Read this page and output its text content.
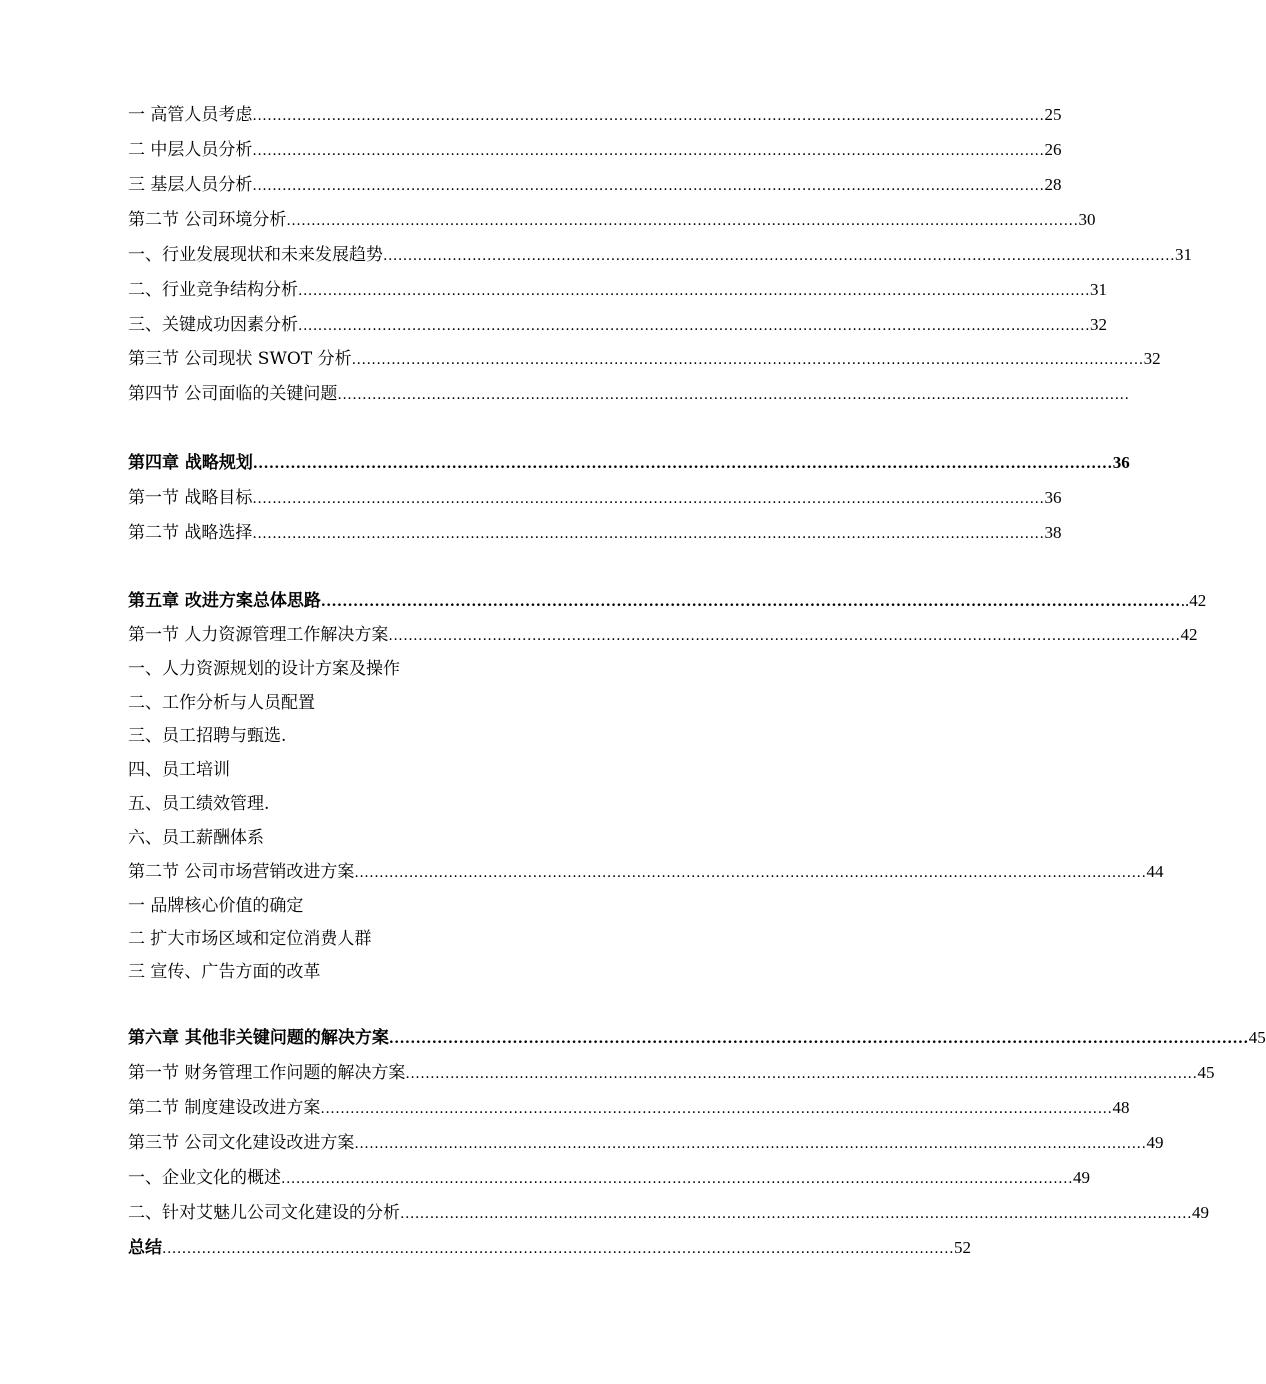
一 高管人员考虑 ................................................................................................................................................................ 25
二 中层人员分析 ................................................................................................................................................................ 26
三 基层人员分析 ................................................................................................................................................................ 28
第二节 公司环境分析 ................................................................................................................................................................ 30
一、行业发展现状和未来发展趋势 ................................................................................................................................................................ 31
二、行业竞争结构分析 ................................................................................................................................................................ 31
三、关键成功因素分析 ................................................................................................................................................................ 32
第三节 公司现状 SWOT 分析 ................................................................................................................................................................ 32
第四节 公司面临的关键问题 ................................................................................................................................................................
第四章 战略规划 ................................................................................................................................................................ 36
第一节 战略目标 ................................................................................................................................................................ 36
第二节 战略选择 ................................................................................................................................................................ 38
第五章 改进方案总体思路 ................................................................................................................................................................ ..42
第一节 人力资源管理工作解决方案 ................................................................................................................................................................ 42
一、人力资源规划的设计方案及操作
二、工作分析与人员配置
三、员工招聘与甄选.
四、员工培训
五、员工绩效管理.
六、员工薪酬体系
第二节 公司市场营销改进方案 ................................................................................................................................................................ 44
一 品牌核心价值的确定
二 扩大市场区域和定位消费人群
三 宣传、广告方面的改革
第六章 其他非关键问题的解决方案 ................................................................................................................................................................ 45
第一节 财务管理工作问题的解决方案 ................................................................................................................................................................ 45
第二节 制度建设改进方案 ................................................................................................................................................................ 48
第三节 公司文化建设改进方案 ................................................................................................................................................................ 49
一、企业文化的概述 ................................................................................................................................................................ 49
二、针对艾魅儿公司文化建设的分析 ................................................................................................................................................................ 49
总结 ................................................................................................................................................................ 52
